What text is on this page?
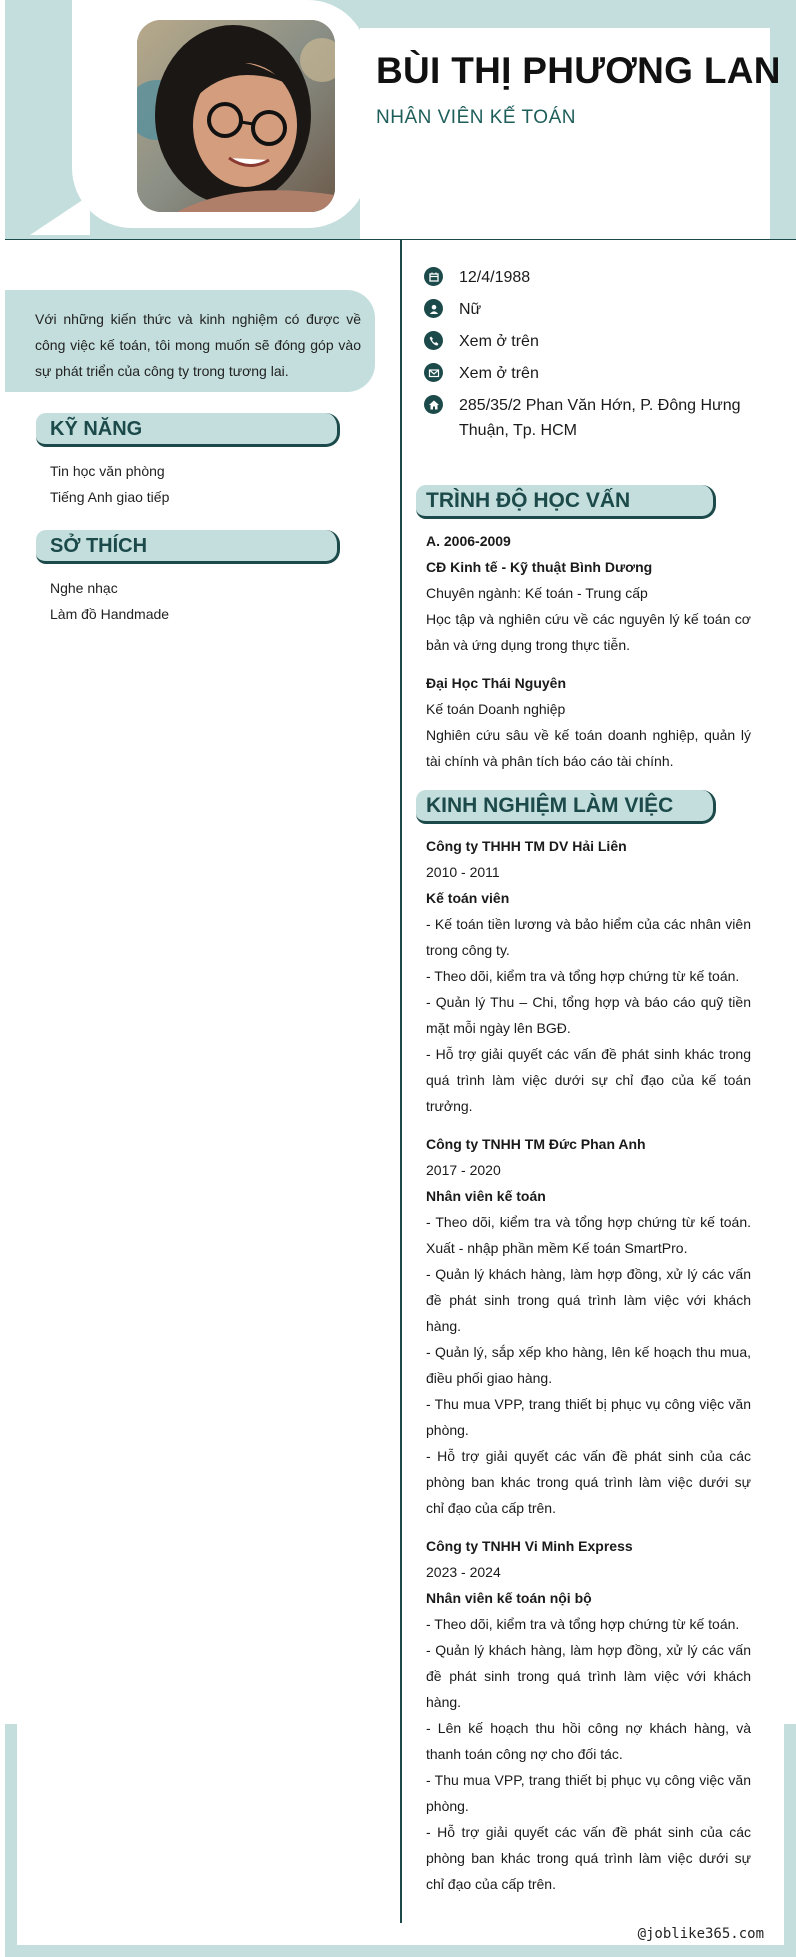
BÙI THỊ PHƯƠNG LAN
NHÂN VIÊN KẾ TOÁN
Với những kiến thức và kinh nghiệm có được về công việc kế toán, tôi mong muốn sẽ đóng góp vào sự phát triển của công ty trong tương lai.
KỸ NĂNG
Tin học văn phòng
Tiếng Anh giao tiếp
SỞ THÍCH
Nghe nhạc
Làm đồ Handmade
12/4/1988
Nữ
Xem ở trên
Xem ở trên
285/35/2 Phan Văn Hớn, P. Đông Hưng Thuận, Tp. HCM
TRÌNH ĐỘ HỌC VẤN
A. 2006-2009
CĐ Kinh tế - Kỹ thuật Bình Dương
Chuyên ngành: Kế toán - Trung cấp
Học tập và nghiên cứu về các nguyên lý kế toán cơ bản và ứng dụng trong thực tiễn.
Đại Học Thái Nguyên
Kế toán Doanh nghiệp
Nghiên cứu sâu về kế toán doanh nghiệp, quản lý tài chính và phân tích báo cáo tài chính.
KINH NGHIỆM LÀM VIỆC
Công ty THHH TM DV Hải Liên
2010 - 2011
Kế toán viên
- Kế toán tiền lương và bảo hiểm của các nhân viên trong công ty.
- Theo dõi, kiểm tra và tổng hợp chứng từ kế toán.
- Quản lý Thu – Chi, tổng hợp và báo cáo quỹ tiền mặt mỗi ngày lên BGĐ.
- Hỗ trợ giải quyết các vấn đề phát sinh khác trong quá trình làm việc dưới sự chỉ đạo của kế toán trưởng.
Công ty TNHH TM Đức Phan Anh
2017 - 2020
Nhân viên kế toán
- Theo dõi, kiểm tra và tổng hợp chứng từ kế toán. Xuất - nhập phần mềm Kế toán SmartPro.
- Quản lý khách hàng, làm hợp đồng, xử lý các vấn đề phát sinh trong quá trình làm việc với khách hàng.
- Quản lý, sắp xếp kho hàng, lên kế hoạch thu mua, điều phối giao hàng.
- Thu mua VPP, trang thiết bị phục vụ công việc văn phòng.
- Hỗ trợ giải quyết các vấn đề phát sinh của các phòng ban khác trong quá trình làm việc dưới sự chỉ đạo của cấp trên.
Công ty TNHH Vi Minh Express
2023 - 2024
Nhân viên kế toán nội bộ
- Theo dõi, kiểm tra và tổng hợp chứng từ kế toán.
- Quản lý khách hàng, làm hợp đồng, xử lý các vấn đề phát sinh trong quá trình làm việc với khách hàng.
- Lên kế hoạch thu hồi công nợ khách hàng, và thanh toán công nợ cho đối tác.
- Thu mua VPP, trang thiết bị phục vụ công việc văn phòng.
- Hỗ trợ giải quyết các vấn đề phát sinh của các phòng ban khác trong quá trình làm việc dưới sự chỉ đạo của cấp trên.
@joblike365.com
